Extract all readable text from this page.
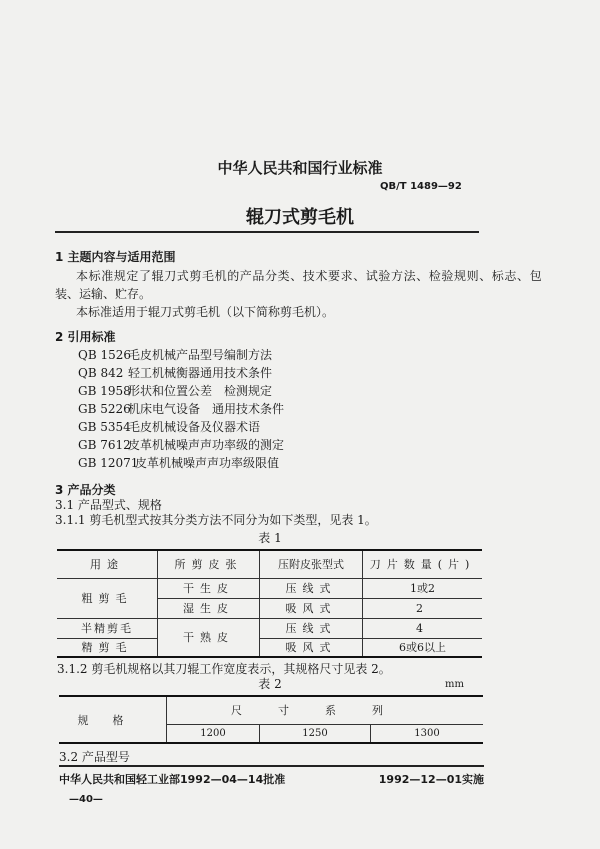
中华人民共和国行业标准
QB/T 1489—92
辊刀式剪毛机
1 主题内容与适用范围
本标准规定了辊刀式剪毛机的产品分类、技术要求、试验方法、检验规则、标志、包
装、运输、贮存。
本标准适用于辊刀式剪毛机（以下简称剪毛机）。
2 引用标准
QB 1526
毛皮机械产品型号编制方法
QB 842 轻工机械衡器通用技术条件
GB 1958
形状和位置公差　检测规定
GB 5226
机床电气设备　通用技术条件
GB 5354
毛皮机械设备及仪器术语
GB 7612
皮革机械噪声声功率级的测定
GB 12071
皮革机械噪声声功率级限值
3 产品分类
3.1 产品型式、规格
3.1.1 剪毛机型式按其分类方法不同分为如下类型，见表 1。
表 1
用途	所剪皮张	压附皮张型式	刀片数量(片)
粗剪毛	干生皮	压线式	1或2
	湿生皮	吸风式	2
半精剪毛	干熟皮	压线式	4
精剪毛		吸风式	6或6以上
3.1.2 剪毛机规格以其刀辊工作宽度表示，其规格尺寸见表 2。
表 2	mm
规格	尺寸系列		
	1200	1250	1300
3.2 产品型号
中华人民共和国轻工业部1992—04—14批准	1992—12—01实施
—40—
